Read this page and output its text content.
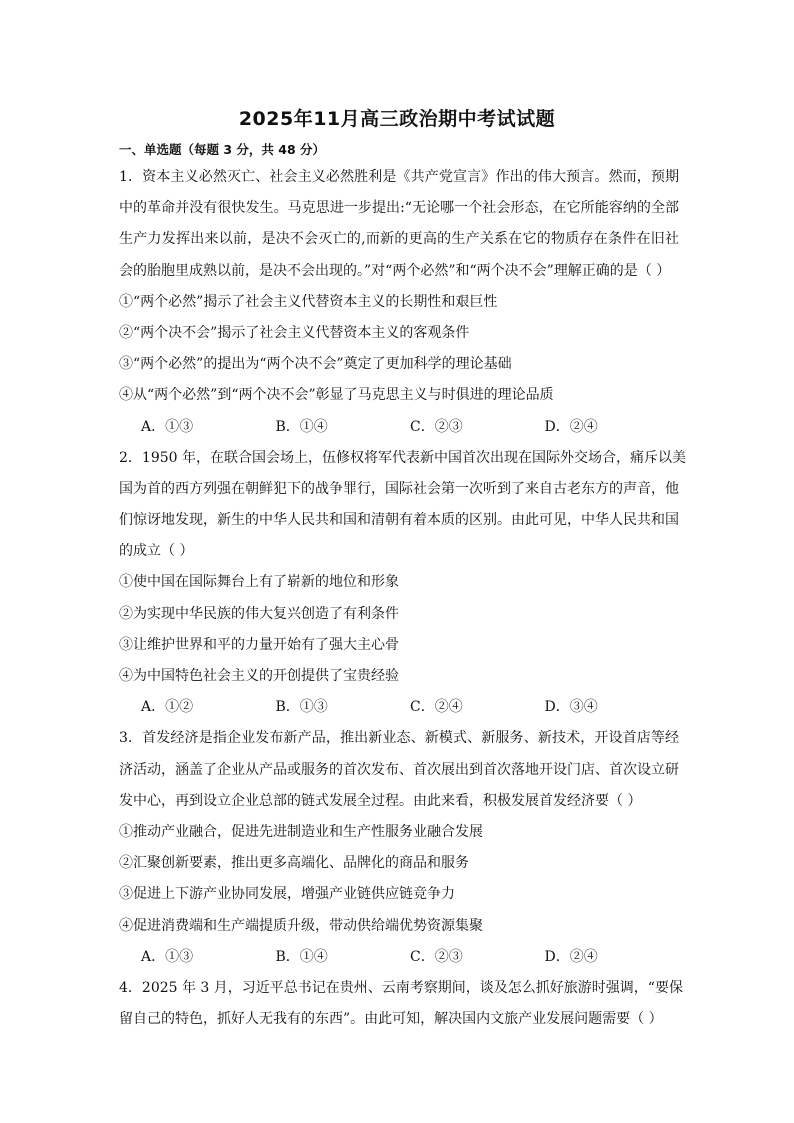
2025年11月高三政治期中考试试题
一、单选题（每题 3 分，共 48 分）
1．资本主义必然灭亡、社会主义必然胜利是《共产党宣言》作出的伟大预言。然而，预期
中的革命并没有很快发生。马克思进一步提出:“无论哪一个社会形态，在它所能容纳的全部
生产力发挥出来以前，是决不会灭亡的,而新的更高的生产关系在它的物质存在条件在旧社
会的胎胞里成熟以前，是决不会出现的。”对“两个必然”和“两个决不会”理解正确的是（ ）
①“两个必然”揭示了社会主义代替资本主义的长期性和艰巨性
②“两个决不会”揭示了社会主义代替资本主义的客观条件
③“两个必然”的提出为“两个决不会”奠定了更加科学的理论基础
④从“两个必然”到“两个决不会”彰显了马克思主义与时俱进的理论品质
A．①③	B．①④	C．②③	D．②④
2．1950 年，在联合国会场上，伍修权将军代表新中国首次出现在国际外交场合，痛斥以美
国为首的西方列强在朝鲜犯下的战争罪行，国际社会第一次听到了来自古老东方的声音，他
们惊讶地发现，新生的中华人民共和国和清朝有着本质的区别。由此可见，中华人民共和国
的成立（ ）
①使中国在国际舞台上有了崭新的地位和形象
②为实现中华民族的伟大复兴创造了有利条件
③让维护世界和平的力量开始有了强大主心骨
④为中国特色社会主义的开创提供了宝贵经验
A．①②	B．①③	C．②④	D．③④
3．首发经济是指企业发布新产品，推出新业态、新模式、新服务、新技术，开设首店等经
济活动，涵盖了企业从产品或服务的首次发布、首次展出到首次落地开设门店、首次设立研
发中心，再到设立企业总部的链式发展全过程。由此来看，积极发展首发经济要（ ）
①推动产业融合，促进先进制造业和生产性服务业融合发展
②汇聚创新要素，推出更多高端化、品牌化的商品和服务
③促进上下游产业协同发展，增强产业链供应链竞争力
④促进消费端和生产端提质升级，带动供给端优势资源集聚
A．①③	B．①④	C．②③	D．②④
4．2025 年 3 月，习近平总书记在贵州、云南考察期间，谈及怎么抓好旅游时强调，“要保
留自己的特色，抓好人无我有的东西”。由此可知，解决国内文旅产业发展问题需要（ ）
